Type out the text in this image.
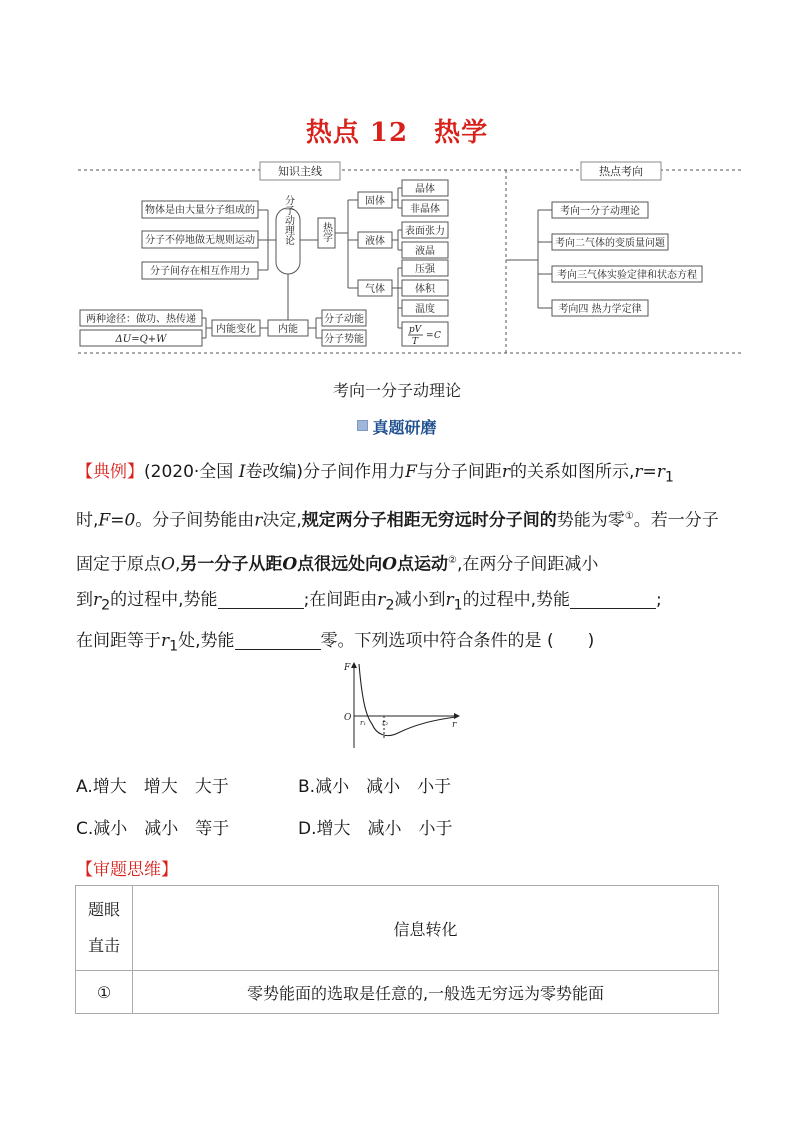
热点 12 热学
知识主线	热点考向
物体是由大量分子组成的
分子不停地做无规则运动
分子间存在相互作用力
分子动理论	热学
固体
液体
气体
晶体
非晶体
表面张力
液晶
压强
体积
温度
pV
T
= C
内能
分子动能
分子势能
内能变化
两种途径：做功、热传递
ΔU=Q+W
考向一分子动理论
考向二气体的变质量问题
考向三气体实验定律和状态方程
考向四 热力学定律
考向一分子动理论
真题研磨
【典例】(2020·全国 Ⅰ卷改编)分子间作用力F与分子间距r的关系如图所示$,r=r_1$时,F=0。分子间势能由r决定,规定两分子相距无穷远时分子间的势能为零①。若一分子固定于原点O,另一分子从距O点很远处向O点运动②,在两分子间距减小
到$r_2$的过程中,势能	;在间距由$r_2$减小到$r_1$的过程中,势能	;
在间距等于$r_1$处,势能	零。下列选项中符合条件的是 (　　)
F
O
r
r₁ r₂
A.增大　增大　大于	B.减小　减小　小于
C.减小　减小　等于	D.增大　减小　小于
【审题思维】
题眼
直击	信息转化
①	零势能面的选取是任意的,一般选无穷远为零势能面
